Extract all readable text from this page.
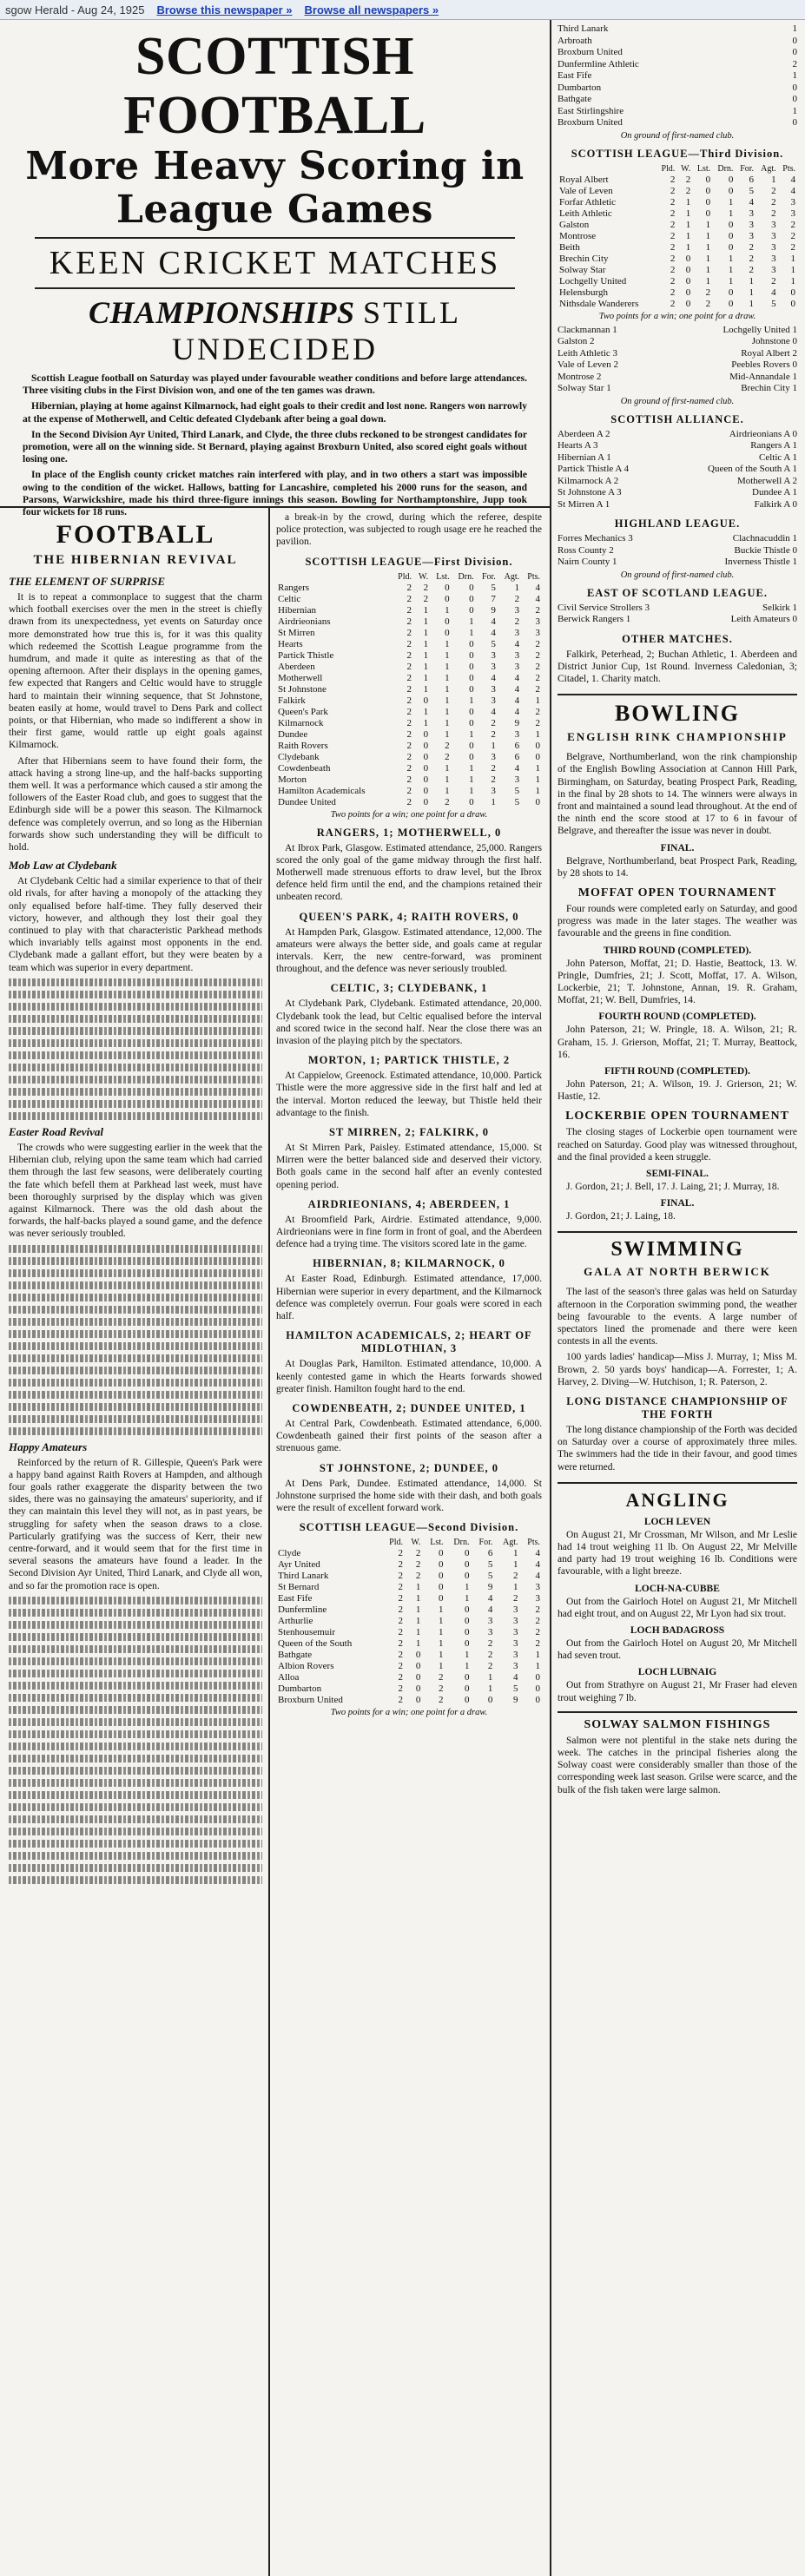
sgow Herald - Aug 24, 1925 Browse this newspaper » Browse all newspapers »
SCOTTISH FOOTBALL
More Heavy Scoring in League Games
KEEN CRICKET MATCHES
CHAMPIONSHIPS STILL UNDECIDED

Scottish League football on Saturday was played under favourable weather conditions and before large attendances. Three visiting clubs in the First Division won, and one of the ten games was drawn.

Hibernian, playing at home against Kilmarnock, had eight goals to their credit and lost none. Rangers won narrowly at the expense of Motherwell, and Celtic defeated Clydebank after being a goal down.

In the Second Division Ayr United, Third Lanark, and Clyde, the three clubs reckoned to be strongest candidates for promotion, were all on the winning side. St Bernard, playing against Broxburn United, also scored eight goals without losing one.

In place of the English county cricket matches rain interfered with play, and in two others a start was impossible owing to the condition of the wicket. Hallows, batting for Lancashire, completed his 2000 runs for the season, and Parsons, Warwickshire, made his third three-figure innings this season. Bowling for Northamptonshire, Jupp took four wickets for 18 runs.

FOOTBALL
THE HIBERNIAN REVIVAL
THE ELEMENT OF SURPRISE

It is to repeat a commonplace to suggest that the charm which football exercises over the men in the street is chiefly drawn from its unexpectedness, yet events on Saturday once more demonstrated how true this is, for it was this quality which redeemed the Scottish League programme from the humdrum, and made it quite as interesting as that of the opening afternoon. After their displays in the opening games, few expected that Rangers and Celtic would have to struggle hard to maintain their winning sequence, that St Johnstone, beaten easily at home, would travel to Dens Park and collect points, or that Hibernian, who made so indifferent a show in their first game, would rattle up eight goals against Kilmarnock.

After that Hibernians seem to have found their form, the attack having a strong line-up, and the half-backs supporting them well. It was a performance which caused a stir among the followers of the Easter Road club, and goes to suggest that the Edinburgh side will be a power this season. The Kilmarnock defence was completely overrun, and so long as the Hibernian forwards show such understanding they will be difficult to hold.

Mob Law at Clydebank

At Clydebank Celtic had a similar experience to that of their old rivals, for after having a monopoly of the attacking they only equalised before half-time. They fully deserved their victory, however, and although they lost their goal they continued to play with that characteristic Parkhead methods which invariably tells against most opponents in the end. Clydebank made a gallant effort, but they were beaten by a team which was superior in every department.

Easter Road Revival

The crowds who were suggesting earlier in the week that the Hibernian club, relying upon the same team which had carried them through the last few seasons, were deliberately courting the fate which befell them at Parkhead last week, must have been thoroughly surprised by the display which was given against Kilmarnock. There was the old dash about the forwards, the half-backs played a sound game, and the defence was never seriously troubled.

Happy Amateurs

Reinforced by the return of R. Gillespie, Queen's Park were a happy band against Raith Rovers at Hampden, and although four goals rather exaggerate the disparity between the two sides, there was no gainsaying the amateurs' superiority, and if they can maintain this level they will not, as in past years, be struggling for safety when the season draws to a close. Particularly gratifying was the success of Kerr, their new centre-forward, and it would seem that for the first time in several seasons the amateurs have found a leader. In the Second Division Ayr United, Third Lanark, and Clyde all won, and so far the promotion race is open.

a break-in by the crowd, during which the referee, despite police protection, was subjected to rough usage ere he reached the pavilion.

SCOTTISH LEAGUE—First Division.
	Pld.	W.	Lst.	Drn.	For.	Agt.	Pts.
Rangers	2	2	0	0	5	1	4
Celtic	2	2	0	0	7	2	4
Hibernian	2	1	1	0	9	3	2
Airdrieonians	2	1	0	1	4	2	3
St Mirren	2	1	0	1	4	3	3
Hearts	2	1	1	0	5	4	2
Partick Thistle	2	1	1	0	3	3	2
Aberdeen	2	1	1	0	3	3	2
Motherwell	2	1	1	0	4	4	2
St Johnstone	2	1	1	0	3	4	2
Falkirk	2	0	1	1	3	4	1
Queen's Park	2	1	1	0	4	4	2
Kilmarnock	2	1	1	0	2	9	2
Dundee	2	0	1	1	2	3	1
Raith Rovers	2	0	2	0	1	6	0
Clydebank	2	0	2	0	3	6	0
Cowdenbeath	2	0	1	1	2	4	1
Morton	2	0	1	1	2	3	1
Hamilton Academicals	2	0	1	1	3	5	1
Dundee United	2	0	2	0	1	5	0
Two points for a win; one point for a draw.
RANGERS, 1; MOTHERWELL, 0

At Ibrox Park, Glasgow. Estimated attendance, 25,000. Rangers scored the only goal of the game midway through the first half. Motherwell made strenuous efforts to draw level, but the Ibrox defence held firm until the end, and the champions retained their unbeaten record.

QUEEN'S PARK, 4; RAITH ROVERS, 0

At Hampden Park, Glasgow. Estimated attendance, 12,000. The amateurs were always the better side, and goals came at regular intervals. Kerr, the new centre-forward, was prominent throughout, and the defence was never seriously troubled.

CELTIC, 3; CLYDEBANK, 1

At Clydebank Park, Clydebank. Estimated attendance, 20,000. Clydebank took the lead, but Celtic equalised before the interval and scored twice in the second half. Near the close there was an invasion of the playing pitch by the spectators.

MORTON, 1; PARTICK THISTLE, 2

At Cappielow, Greenock. Estimated attendance, 10,000. Partick Thistle were the more aggressive side in the first half and led at the interval. Morton reduced the leeway, but Thistle held their advantage to the finish.

ST MIRREN, 2; FALKIRK, 0

At St Mirren Park, Paisley. Estimated attendance, 15,000. St Mirren were the better balanced side and deserved their victory. Both goals came in the second half after an evenly contested opening period.

AIRDRIEONIANS, 4; ABERDEEN, 1

At Broomfield Park, Airdrie. Estimated attendance, 9,000. Airdrieonians were in fine form in front of goal, and the Aberdeen defence had a trying time. The visitors scored late in the game.

HIBERNIAN, 8; KILMARNOCK, 0

At Easter Road, Edinburgh. Estimated attendance, 17,000. Hibernian were superior in every department, and the Kilmarnock defence was completely overrun. Four goals were scored in each half.

HAMILTON ACADEMICALS, 2; HEART OF MIDLOTHIAN, 3

At Douglas Park, Hamilton. Estimated attendance, 10,000. A keenly contested game in which the Hearts forwards showed greater finish. Hamilton fought hard to the end.

COWDENBEATH, 2; DUNDEE UNITED, 1

At Central Park, Cowdenbeath. Estimated attendance, 6,000. Cowdenbeath gained their first points of the season after a strenuous game.

ST JOHNSTONE, 2; DUNDEE, 0

At Dens Park, Dundee. Estimated attendance, 14,000. St Johnstone surprised the home side with their dash, and both goals were the result of excellent forward work.

SCOTTISH LEAGUE—Second Division.
	Pld.	W.	Lst.	Drn.	For.	Agt.	Pts.
Clyde	2	2	0	0	6	1	4
Ayr United	2	2	0	0	5	1	4
Third Lanark	2	2	0	0	5	2	4
St Bernard	2	1	0	1	9	1	3
East Fife	2	1	0	1	4	2	3
Dunfermline	2	1	1	0	4	3	2
Arthurlie	2	1	1	0	3	3	2
Stenhousemuir	2	1	1	0	3	3	2
Queen of the South	2	1	1	0	2	3	2
Bathgate	2	0	1	1	2	3	1
Albion Rovers	2	0	1	1	2	3	1
Alloa	2	0	2	0	1	4	0
Dumbarton	2	0	2	0	1	5	0
Broxburn United	2	0	2	0	0	9	0
Two points for a win; one point for a draw.
Third Lanark	1
Arbroath	0
Broxburn United	0
Dunfermline Athletic	2
East Fife	1
Dumbarton	0
Bathgate	0
East Stirlingshire	1
Broxburn United	0
On ground of first-named club.
SCOTTISH LEAGUE—Third Division.
	Pld.	W.	Lst.	Drn.	For.	Agt.	Pts.
Royal Albert	2	2	0	0	6	1	4
Vale of Leven	2	2	0	0	5	2	4
Forfar Athletic	2	1	0	1	4	2	3
Leith Athletic	2	1	0	1	3	2	3
Galston	2	1	1	0	3	3	2
Montrose	2	1	1	0	3	3	2
Beith	2	1	1	0	2	3	2
Brechin City	2	0	1	1	2	3	1
Solway Star	2	0	1	1	2	3	1
Lochgelly United	2	0	1	1	1	2	1
Helensburgh	2	0	2	0	1	4	0
Nithsdale Wanderers	2	0	2	0	1	5	0
Two points for a win; one point for a draw.
Clackmannan 1	Lochgelly United 1
Galston 2	Johnstone 0
Leith Athletic 3	Royal Albert 2
Vale of Leven 2	Peebles Rovers 0
Montrose 2	Mid-Annandale 1
Solway Star 1	Brechin City 1
On ground of first-named club.
SCOTTISH ALLIANCE.
Aberdeen A 2	Airdrieonians A 0
Hearts A 3	Rangers A 1
Hibernian A 1	Celtic A 1
Partick Thistle A 4	Queen of the South A 1
Kilmarnock A 2	Motherwell A 2
St Johnstone A 3	Dundee A 1
St Mirren A 1	Falkirk A 0
HIGHLAND LEAGUE.
Forres Mechanics 3	Clachnacuddin 1
Ross County 2	Buckie Thistle 0
Nairn County 1	Inverness Thistle 1
On ground of first-named club.
EAST OF SCOTLAND LEAGUE.
Civil Service Strollers 3	Selkirk 1
Berwick Rangers 1	Leith Amateurs 0
OTHER MATCHES.

Falkirk, Peterhead, 2; Buchan Athletic, 1. Aberdeen and District Junior Cup, 1st Round. Inverness Caledonian, 3; Citadel, 1. Charity match.

BOWLING
ENGLISH RINK CHAMPIONSHIP

Belgrave, Northumberland, won the rink championship of the English Bowling Association at Cannon Hill Park, Birmingham, on Saturday, beating Prospect Park, Reading, in the final by 28 shots to 14. The winners were always in front and maintained a sound lead throughout. At the end of the ninth end the score stood at 17 to 6 in favour of Belgrave, and thereafter the issue was never in doubt.

FINAL.

Belgrave, Northumberland, beat Prospect Park, Reading, by 28 shots to 14.

MOFFAT OPEN TOURNAMENT

Four rounds were completed early on Saturday, and good progress was made in the later stages. The weather was favourable and the greens in fine condition.

THIRD ROUND (COMPLETED).

John Paterson, Moffat, 21; D. Hastie, Beattock, 13. W. Pringle, Dumfries, 21; J. Scott, Moffat, 17. A. Wilson, Lockerbie, 21; T. Johnstone, Annan, 19. R. Graham, Moffat, 21; W. Bell, Dumfries, 14.

FOURTH ROUND (COMPLETED).

John Paterson, 21; W. Pringle, 18. A. Wilson, 21; R. Graham, 15. J. Grierson, Moffat, 21; T. Murray, Beattock, 16.

FIFTH ROUND (COMPLETED).

John Paterson, 21; A. Wilson, 19. J. Grierson, 21; W. Hastie, 12.

LOCKERBIE OPEN TOURNAMENT

The closing stages of Lockerbie open tournament were reached on Saturday. Good play was witnessed throughout, and the final provided a keen struggle.

SEMI-FINAL.

J. Gordon, 21; J. Bell, 17. J. Laing, 21; J. Murray, 18.

FINAL.

J. Gordon, 21; J. Laing, 18.

SWIMMING
GALA AT NORTH BERWICK

The last of the season's three galas was held on Saturday afternoon in the Corporation swimming pond, the weather being favourable to the events. A large number of spectators lined the promenade and there were keen contests in all the events.

100 yards ladies' handicap—Miss J. Murray, 1; Miss M. Brown, 2. 50 yards boys' handicap—A. Forrester, 1; A. Harvey, 2. Diving—W. Hutchison, 1; R. Paterson, 2.

LONG DISTANCE CHAMPIONSHIP OF THE FORTH

The long distance championship of the Forth was decided on Saturday over a course of approximately three miles. The swimmers had the tide in their favour, and good times were returned.

ANGLING
LOCH LEVEN

On August 21, Mr Crossman, Mr Wilson, and Mr Leslie had 14 trout weighing 11 lb. On August 22, Mr Melville and party had 19 trout weighing 16 lb. Conditions were favourable, with a light breeze.

LOCH-NA-CUBBE

Out from the Gairloch Hotel on August 21, Mr Mitchell had eight trout, and on August 22, Mr Lyon had six trout.

LOCH BADAGROSS

Out from the Gairloch Hotel on August 20, Mr Mitchell had seven trout.

LOCH LUBNAIG

Out from Strathyre on August 21, Mr Fraser had eleven trout weighing 7 lb.

SOLWAY SALMON FISHINGS

Salmon were not plentiful in the stake nets during the week. The catches in the principal fisheries along the Solway coast were considerably smaller than those of the corresponding week last season. Grilse were scarce, and the bulk of the fish taken were large salmon.
